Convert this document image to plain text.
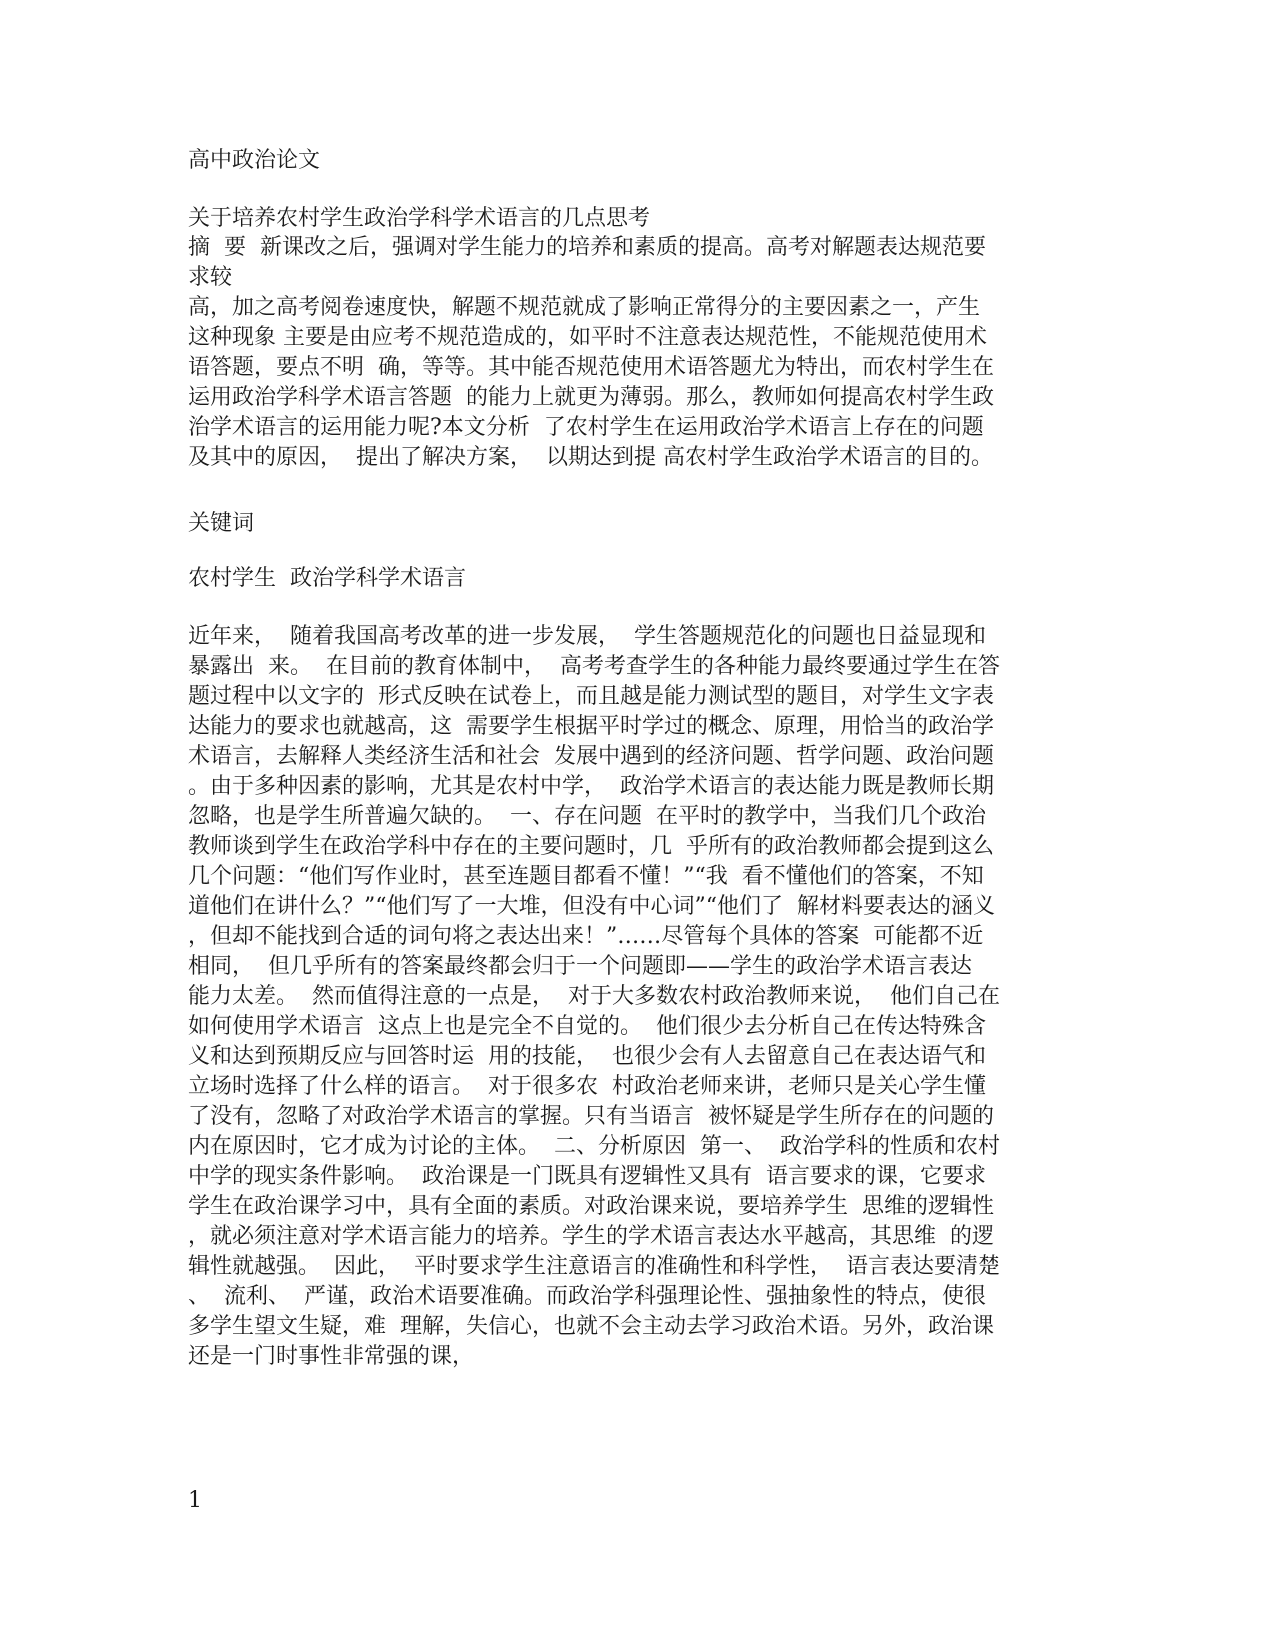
高中政治论文

关于培养农村学生政治学科学术语言的几点思考

摘  要  新课改之后，强调对学生能力的培养和素质的提高。高考对解题表达规范要

求较

高，加之高考阅卷速度快，解题不规范就成了影响正常得分的主要因素之一，产生

这种现象 主要是由应考不规范造成的，如平时不注意表达规范性，不能规范使用术

语答题，要点不明  确，等等。其中能否规范使用术语答题尤为特出，而农村学生在

运用政治学科学术语言答题  的能力上就更为薄弱。那么，教师如何提高农村学生政

治学术语言的运用能力呢?本文分析  了农村学生在运用政治学术语言上存在的问题

及其中的原因，  提出了解决方案，  以期达到提 高农村学生政治学术语言的目的。

关键词

农村学生  政治学科学术语言

近年来，  随着我国高考改革的进一步发展，  学生答题规范化的问题也日益显现和

暴露出  来。  在目前的教育体制中，  高考考查学生的各种能力最终要通过学生在答

题过程中以文字的  形式反映在试卷上，而且越是能力测试型的题目，对学生文字表

达能力的要求也就越高，这  需要学生根据平时学过的概念、原理，用恰当的政治学

术语言，去解释人类经济生活和社会  发展中遇到的经济问题、哲学问题、政治问题

。由于多种因素的影响，尤其是农村中学，  政治学术语言的表达能力既是教师长期

忽略，也是学生所普遍欠缺的。  一、存在问题  在平时的教学中，当我们几个政治

教师谈到学生在政治学科中存在的主要问题时，几  乎所有的政治教师都会提到这么

几个问题：“他们写作业时，甚至连题目都看不懂！”“我  看不懂他们的答案，不知

道他们在讲什么？”“他们写了一大堆，但没有中心词”“他们了  解材料要表达的涵义

，但却不能找到合适的词句将之表达出来！”……尽管每个具体的答案  可能都不近

相同，  但几乎所有的答案最终都会归于一个问题即——学生的政治学术语言表达

能力太差。  然而值得注意的一点是，  对于大多数农村政治教师来说，  他们自己在

如何使用学术语言  这点上也是完全不自觉的。  他们很少去分析自己在传达特殊含

义和达到预期反应与回答时运  用的技能，  也很少会有人去留意自己在表达语气和

立场时选择了什么样的语言。  对于很多农  村政治老师来讲，老师只是关心学生懂

了没有，忽略了对政治学术语言的掌握。只有当语言  被怀疑是学生所存在的问题的

内在原因时，它才成为讨论的主体。  二、分析原因  第一、  政治学科的性质和农村

中学的现实条件影响。  政治课是一门既具有逻辑性又具有  语言要求的课，它要求

学生在政治课学习中，具有全面的素质。对政治课来说，要培养学生  思维的逻辑性

，就必须注意对学术语言能力的培养。学生的学术语言表达水平越高，其思维  的逻

辑性就越强。  因此，  平时要求学生注意语言的准确性和科学性，  语言表达要清楚

、  流利、  严谨，政治术语要准确。而政治学科强理论性、强抽象性的特点，使很

多学生望文生疑，难  理解，失信心，也就不会主动去学习政治术语。另外，政治课

还是一门时事性非常强的课，

1
